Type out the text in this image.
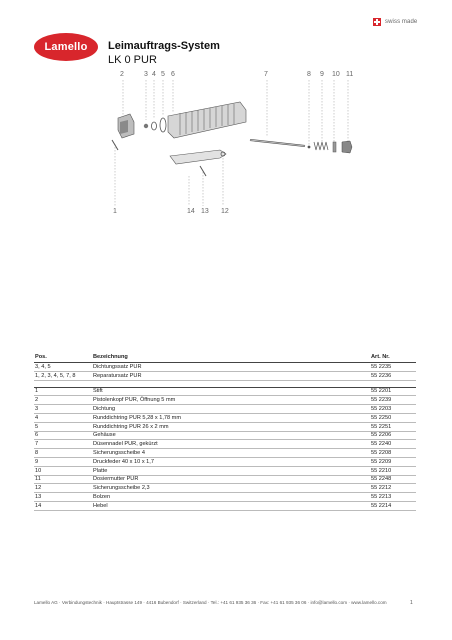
swiss made
Lamello Leimauftrags-System
LK 0 PUR
2	3 4 5 6	7	8 9 10 11
1	14 13 12
Pos.	Bezeichnung	Art. Nr.
3, 4, 5	Dichtungssatz PUR	55 2235
1, 2, 3, 4, 5, 7, 8	Reparatursatz PUR	55 2236

1	Stift	55 2201
2	Pistolenkopf PUR, Öffnung 5 mm	55 2239
3	Dichtung	55 2203
4	Runddichtring PUR 5,28 x 1,78 mm	55 2250
5	Runddichtring PUR 26 x 2 mm	55 2251
6	Gehäuse	55 2206
7	Düsennadel PUR, gekürzt	55 2240
8	Sicherungsscheibe 4	55 2208
9	Druckfeder 40 x 10 x 1,7	55 2209
10	Platte	55 2210
11	Dosiermutter PUR	55 2248
12	Sicherungsscheibe 2,3	55 2212
13	Bolzen	55 2213
14	Hebel	55 2214
Lamello AG · Verbindungstechnik · Hauptstrasse 149 · 4416 Bubendorf · Switzerland · Tel.: +41 61 935 36 36 · Fax: +41 61 935 36 06 · info@lamello.com · www.lamello.com	1
